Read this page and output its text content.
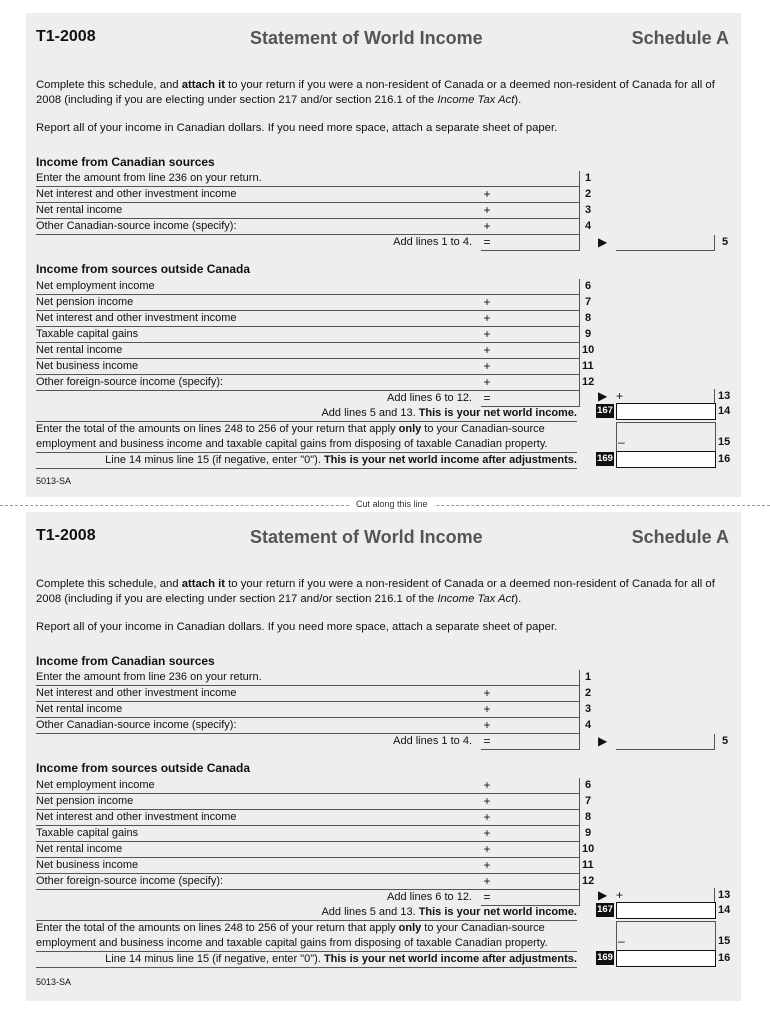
T1-2008	Statement of World Income	Schedule A
Complete this schedule, and attach it to your return if you were a non-resident of Canada or a deemed non-resident of Canada for all of 2008 (including if you are electing under section 217 and/or section 216.1 of the Income Tax Act).
Report all of your income in Canadian dollars. If you need more space, attach a separate sheet of paper.
Income from Canadian sources
Enter the amount from line 236 on your return.	1
Net interest and other investment income	+	2
Net rental income	+	3
Other Canadian-source income (specify):	+	4
Add lines 1 to 4. =	▶	5
Income from sources outside Canada
Net employment income	6
Net pension income	+	7
Net interest and other investment income	+	8
Taxable capital gains	+	9
Net rental income	+	10
Net business income	+	11
Other foreign-source income (specify):	+	12
Add lines 6 to 12. =	▶ +	13
Add lines 5 and 13. This is your net world income. 167	14
Enter the total of the amounts on lines 248 to 256 of your return that apply only to your Canadian-source
employment and business income and taxable capital gains from disposing of taxable Canadian property.	–	15
Line 14 minus line 15 (if negative, enter "0"). This is your net world income after adjustments. 169	16
5013-SA
Cut along this line
T1-2008	Statement of World Income	Schedule A
Complete this schedule, and attach it to your return if you were a non-resident of Canada or a deemed non-resident of Canada for all of 2008 (including if you are electing under section 217 and/or section 216.1 of the Income Tax Act).
Report all of your income in Canadian dollars. If you need more space, attach a separate sheet of paper.
Income from Canadian sources
Enter the amount from line 236 on your return.	1
Net interest and other investment income	+	2
Net rental income	+	3
Other Canadian-source income (specify):	+	4
Add lines 1 to 4. =	▶	5
Income from sources outside Canada
Net employment income	+	6
Net pension income	+	7
Net interest and other investment income	+	8
Taxable capital gains	+	9
Net rental income	+	10
Net business income	+	11
Other foreign-source income (specify):	+	12
Add lines 6 to 12. =	▶ +	13
Add lines 5 and 13. This is your net world income. 167	14
Enter the total of the amounts on lines 248 to 256 of your return that apply only to your Canadian-source
employment and business income and taxable capital gains from disposing of taxable Canadian property.	–	15
Line 14 minus line 15 (if negative, enter "0"). This is your net world income after adjustments. 169	16
5013-SA
